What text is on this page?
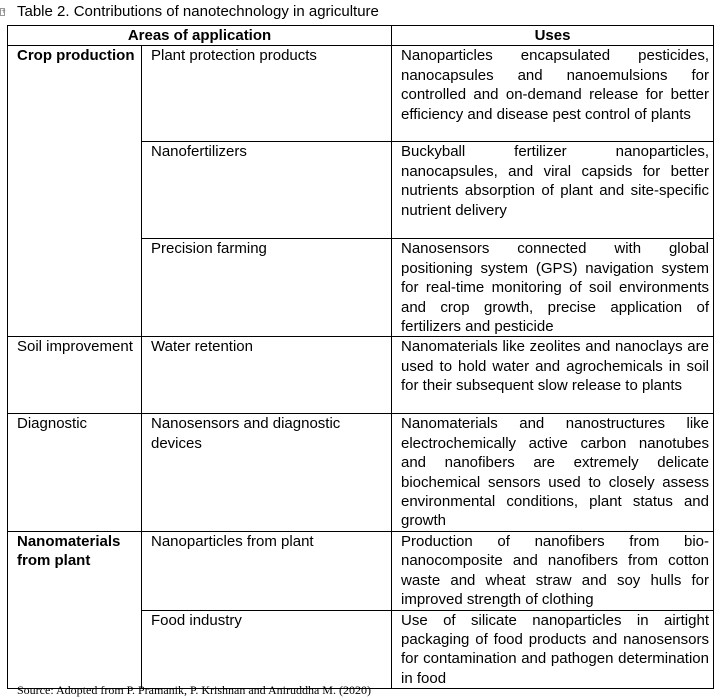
+ Table 2. Contributions of nanotechnology in agriculture
Areas of application		Uses
Crop production	Plant protection products	Nanoparticles encapsulated pesticides, nanocapsules and nanoemulsions for controlled and on-demand release for better efficiency and disease pest control of plants
	Nanofertilizers	Buckyball fertilizer nanoparticles, nanocapsules, and viral capsids for better nutrients absorption of plant and site-specific nutrient delivery
	Precision farming	Nanosensors connected with global positioning system (GPS) navigation system for real-time monitoring of soil environments and crop growth, precise application of fertilizers and pesticide
Soil improvement	Water retention	Nanomaterials like zeolites and nanoclays are used to hold water and agrochemicals in soil for their subsequent slow release to plants
Diagnostic	Nanosensors and diagnostic devices	Nanomaterials and nanostructures like electrochemically active carbon nanotubes and nanofibers are extremely delicate biochemical sensors used to closely assess environmental conditions, plant status and growth
Nanomaterials from plant	Nanoparticles from plant	Production of nanofibers from bio-nanocomposite and nanofibers from cotton waste and wheat straw and soy hulls for improved strength of clothing
	Food industry	Use of silicate nanoparticles in airtight packaging of food products and nanosensors for contamination and pathogen determination in food
Source: Adopted from P. Pramanik, P. Krishnan and Aniruddha M. (2020)
